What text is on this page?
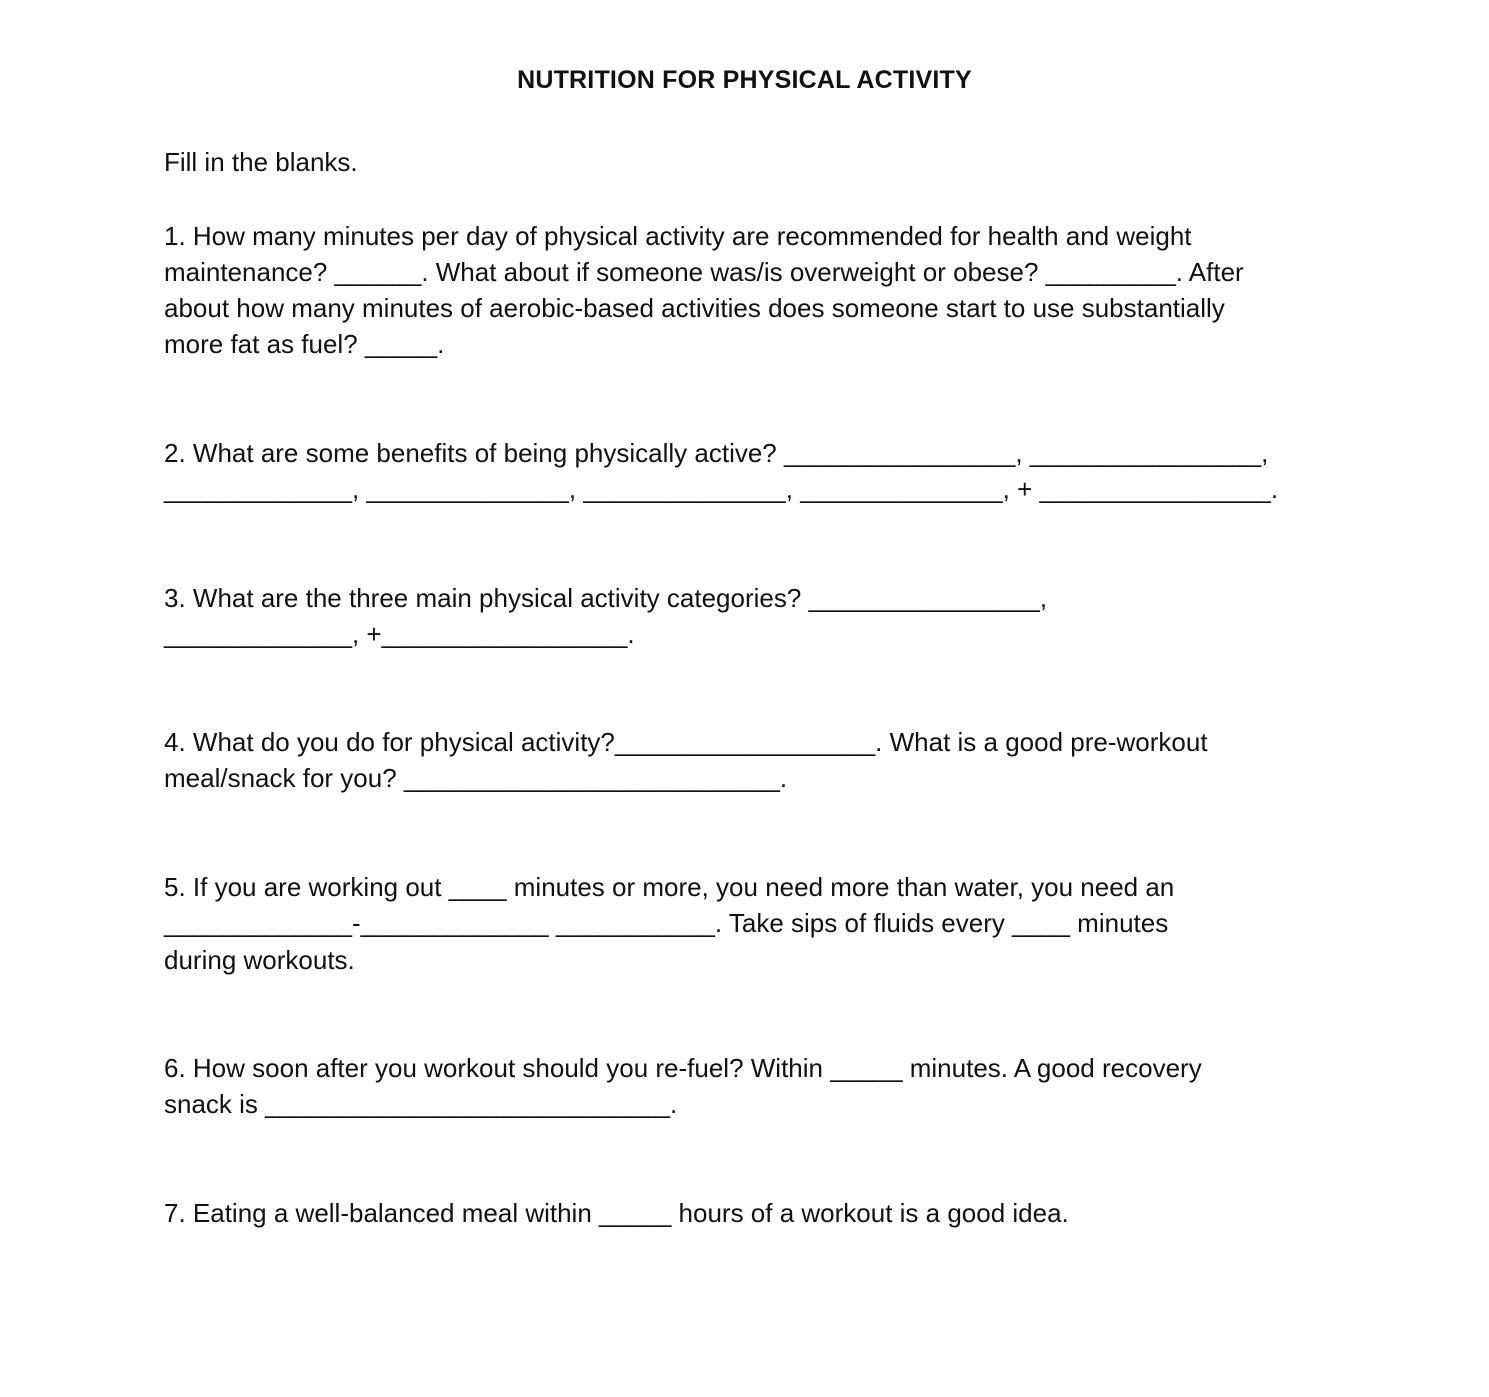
NUTRITION FOR PHYSICAL ACTIVITY
Fill in the blanks.
1. How many minutes per day of physical activity are recommended for health and weight
maintenance? ______. What about if someone was/is overweight or obese? _________. After
about how many minutes of aerobic-based activities does someone start to use substantially
more fat as fuel? _____.
2. What are some benefits of being physically active? ________________, ________________,
_____________, ______________, ______________, ______________, + ________________.
3. What are the three main physical activity categories? ________________,
_____________, +_________________.
4. What do you do for physical activity?__________________. What is a good pre-workout
meal/snack for you? __________________________.
5. If you are working out ____ minutes or more, you need more than water, you need an
_____________-_____________ ___________. Take sips of fluids every ____ minutes
during workouts.
6. How soon after you workout should you re-fuel? Within _____ minutes. A good recovery
snack is ____________________________.
7. Eating a well-balanced meal within _____ hours of a workout is a good idea.
